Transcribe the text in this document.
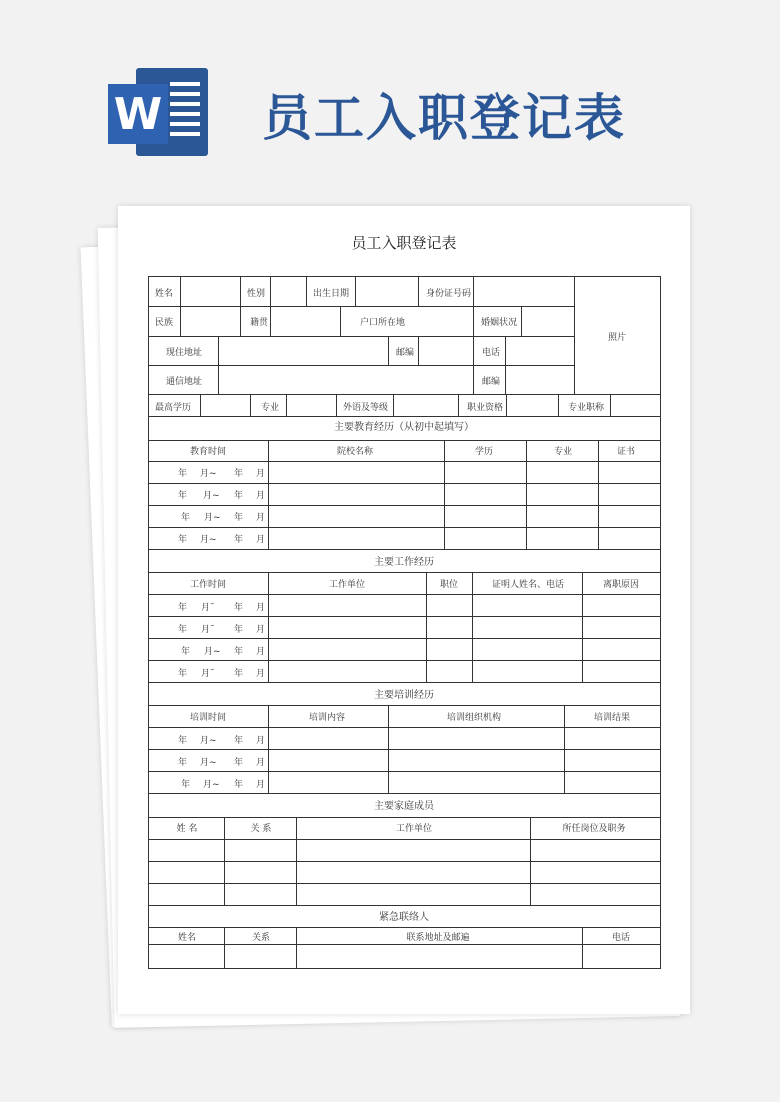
W 员工入职登记表
员工入职登记表
姓名	性别	出生日期	身份证号码
民族	籍贯	户口所在地	婚姻状况
照片
现住地址	邮编	电话
通信地址	邮编
最高学历	专业	外语及等级	职业资格	专业职称
主要教育经历（从初中起填写）
教育时间	院校名称	学历	专业	证书
年 月~ 年 月
年 月~ 年 月
年 月~ 年 月
年 月~ 年 月
主要工作经历
工作时间	工作单位	职位	证明人姓名、电话	离职原因
年 月˜ 年 月
年 月˜ 年 月
年 月~ 年 月
年 月˜ 年 月
主要培训经历
培训时间	培训内容	培训组织机构	培训结果
年 月~ 年 月
年 月~ 年 月
年 月~ 年 月
主要家庭成员
姓 名	关 系	工作单位	所任岗位及职务
紧急联络人
姓名	关系	联系地址及邮遍	电话
